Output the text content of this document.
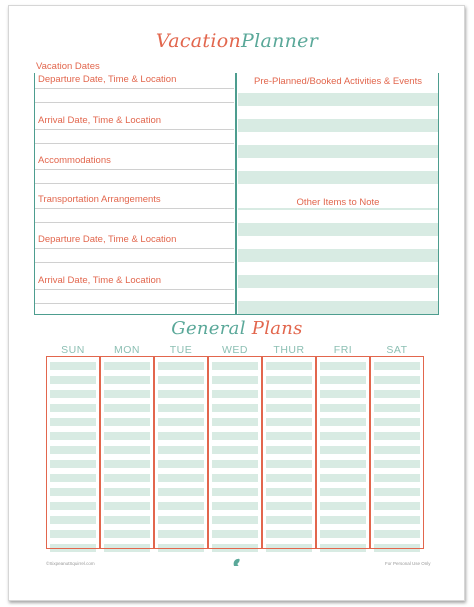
VacationPlanner
Vacation Dates
Departure Date, Time & Location
Arrival Date, Time & Location
Accommodations
Transportation Arrangements
Departure Date, Time & Location
Arrival Date, Time & Location
Pre-Planned/Booked Activities & Events
Other Items to Note
General Plans
SUN	MON	TUE	WED	THUR	FRI	SAT
©SixpeanutSquirrel.com	For Personal Use Only
